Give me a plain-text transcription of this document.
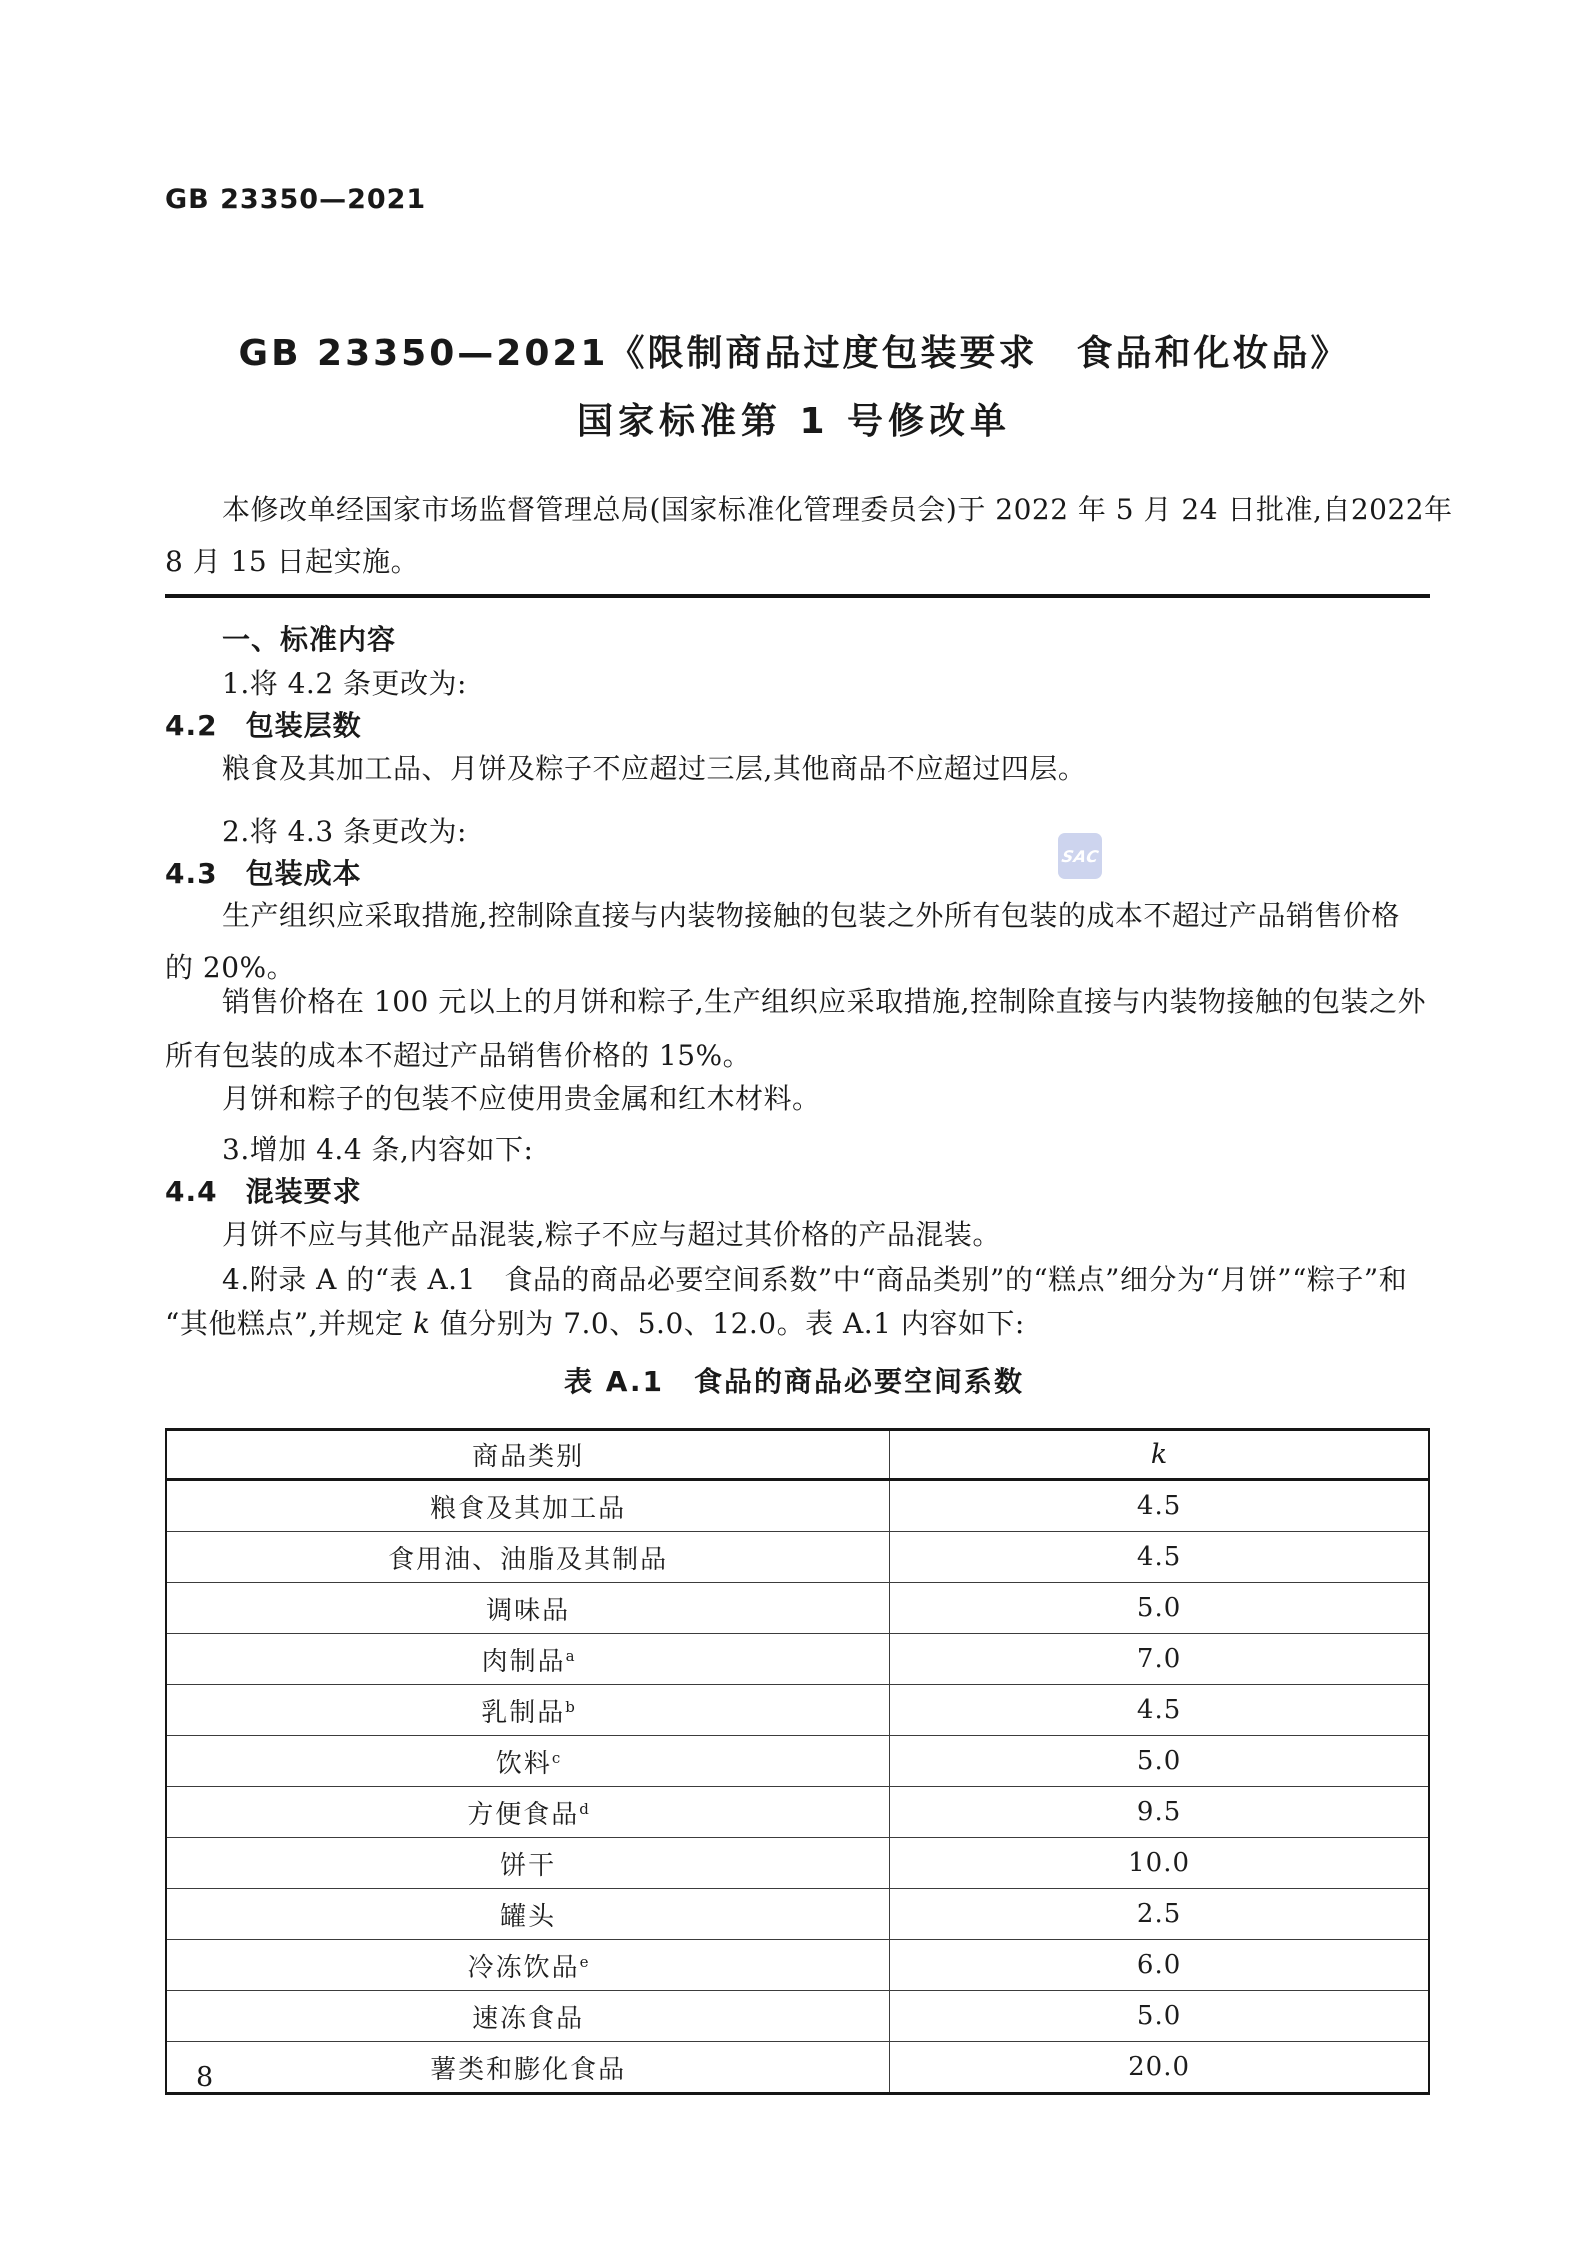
GB 23350—2021
GB 23350—2021《限制商品过度包装要求　食品和化妆品》
国家标准第 1 号修改单
本修改单经国家市场监督管理总局(国家标准化管理委员会)于 2022 年 5 月 24 日批准,自2022年
8 月 15 日起实施。
SAC
一、标准内容
1.将 4.2 条更改为:
4.2 包装层数
粮食及其加工品、月饼及粽子不应超过三层,其他商品不应超过四层。
2.将 4.3 条更改为:
4.3 包装成本
生产组织应采取措施,控制除直接与内装物接触的包装之外所有包装的成本不超过产品销售价格
的 20%。
销售价格在 100 元以上的月饼和粽子,生产组织应采取措施,控制除直接与内装物接触的包装之外
所有包装的成本不超过产品销售价格的 15%。
月饼和粽子的包装不应使用贵金属和红木材料。
3.增加 4.4 条,内容如下:
4.4 混装要求
月饼不应与其他产品混装,粽子不应与超过其价格的产品混装。
4.附录 A 的“表 A.1　食品的商品必要空间系数”中“商品类别”的“糕点”细分为“月饼”“粽子”和
“其他糕点”,并规定 k 值分别为 7.0、5.0、12.0。表 A.1 内容如下:
表 A.1　食品的商品必要空间系数
商品类别	k
粮食及其加工品	4.5
食用油、油脂及其制品	4.5
调味品	5.0
肉制品$^a$	7.0
乳制品$^b$	4.5
饮料$^c$	5.0
方便食品$^d$	9.5
饼干	10.0
罐头	2.5
冷冻饮品$^e$	6.0
速冻食品	5.0
薯类和膨化食品	20.0
8
